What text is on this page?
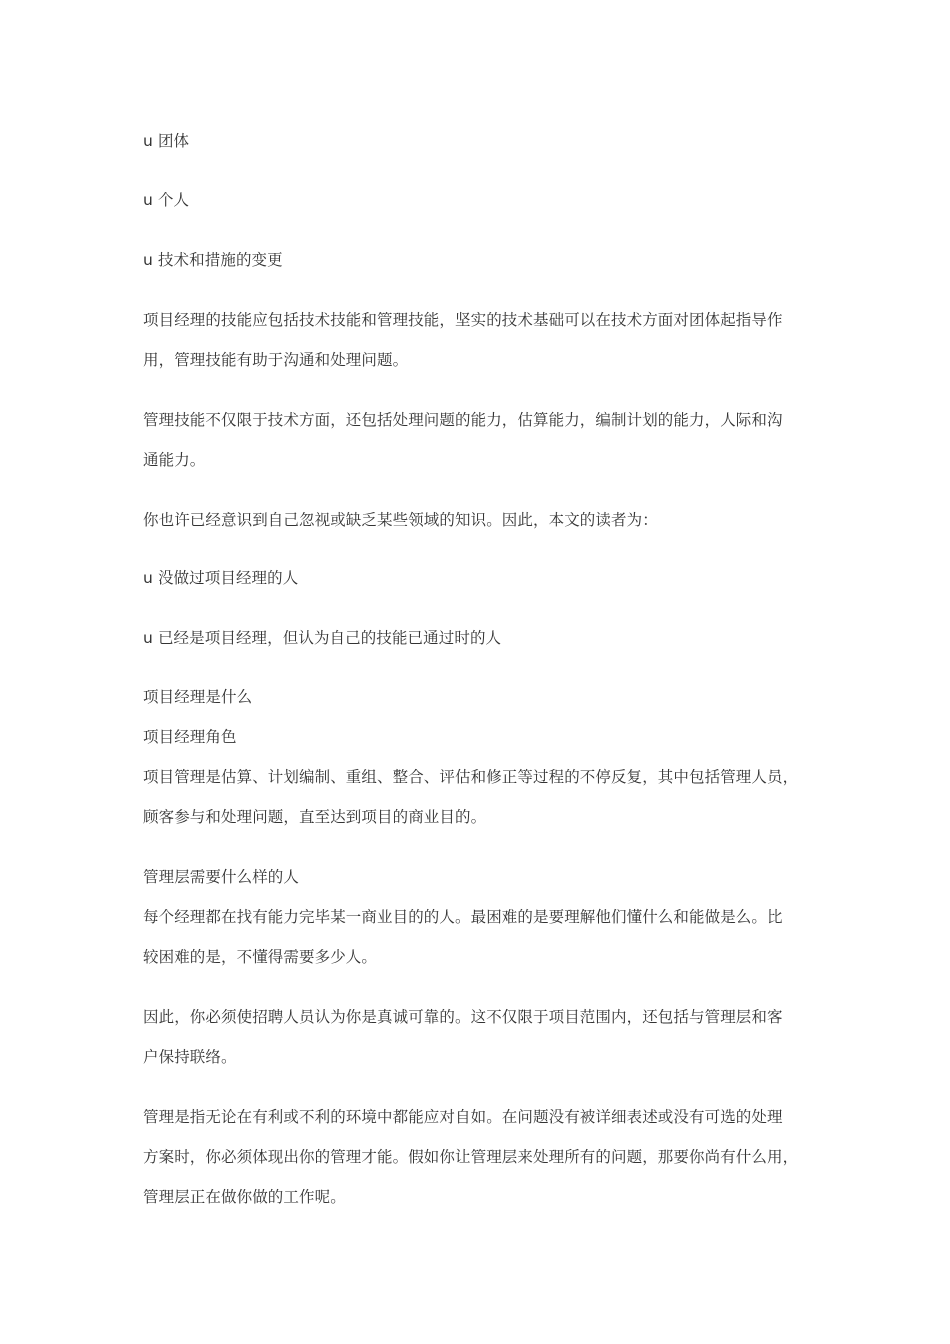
u 团体
u 个人
u 技术和措施的变更
项目经理的技能应包括技术技能和管理技能，坚实的技术基础可以在技术方面对团体起指导作
用，管理技能有助于沟通和处理问题。
管理技能不仅限于技术方面，还包括处理问题的能力，估算能力，编制计划的能力，人际和沟
通能力。
你也许已经意识到自己忽视或缺乏某些领域的知识。因此，本文的读者为：
u 没做过项目经理的人
u 已经是项目经理，但认为自己的技能已通过时的人
项目经理是什么
项目经理角色
项目管理是估算、计划编制、重组、整合、评估和修正等过程的不停反复，其中包括管理人员，
顾客参与和处理问题，直至达到项目的商业目的。
管理层需要什么样的人
每个经理都在找有能力完毕某一商业目的的人。最困难的是要理解他们懂什么和能做是么。比
较困难的是，不懂得需要多少人。
因此，你必须使招聘人员认为你是真诚可靠的。这不仅限于项目范围内，还包括与管理层和客
户保持联络。
管理是指无论在有利或不利的环境中都能应对自如。在问题没有被详细表述或没有可选的处理
方案时，你必须体现出你的管理才能。假如你让管理层来处理所有的问题，那要你尚有什么用，
管理层正在做你做的工作呢。
